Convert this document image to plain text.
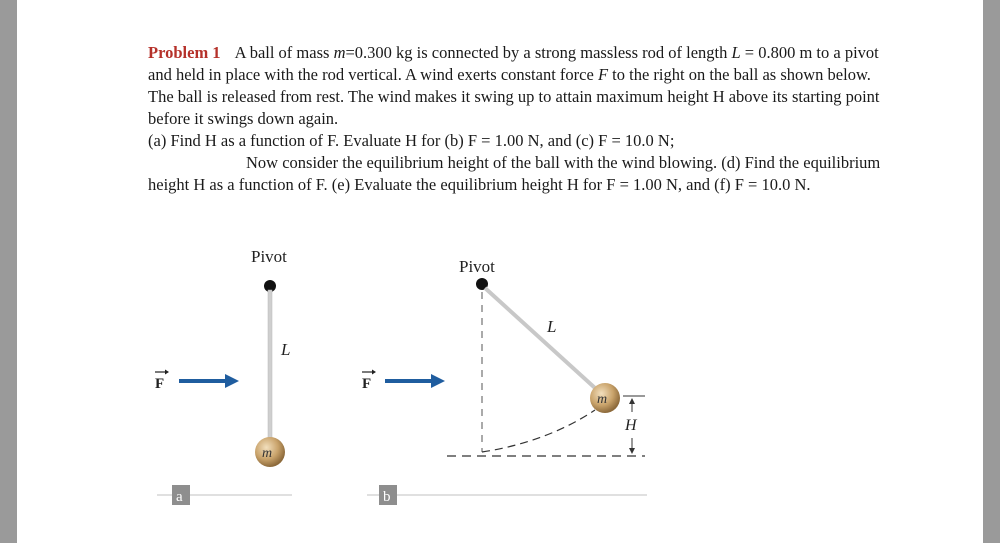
Problem 1 A ball of mass m=0.300 kg is connected by a strong massless rod of length L = 0.800 m to a pivot and held in place with the rod vertical. A wind exerts constant force F to the right on the ball as shown below. The ball is released from rest. The wind makes it swing up to attain maximum height H above its starting point before it swings down again.

(a) Find H as a function of F. Evaluate H for (b) F = 1.00 N, and (c) F = 10.0 N;

Now consider the equilibrium height of the ball with the wind blowing. (d) Find the equilibrium height H as a function of F. (e) Evaluate the equilibrium height H for F = 1.00 N, and (f) F = 10.0 N.

Pivot
L
m
F
a
Pivot
L
m
H
F
b
